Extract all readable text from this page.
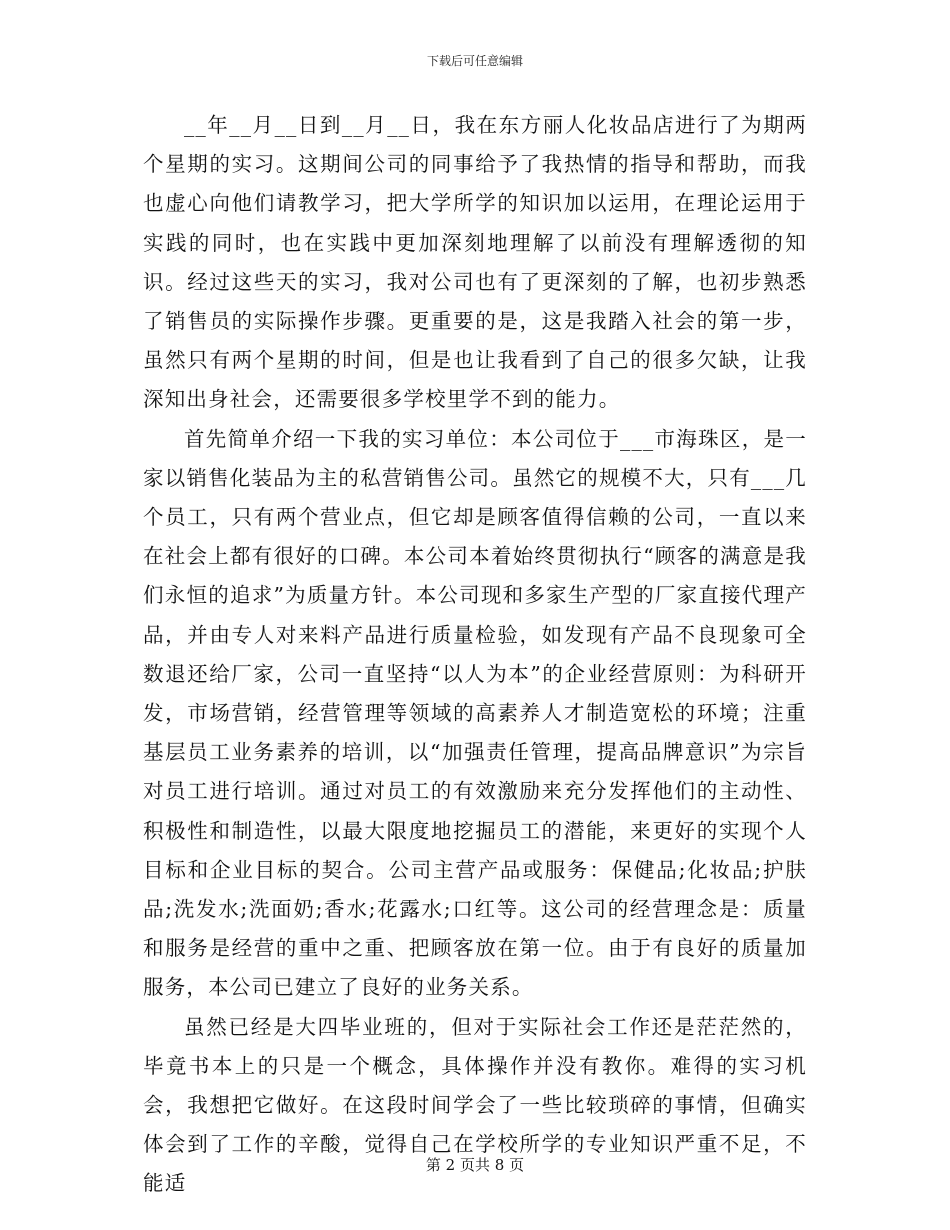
下载后可任意编辑

__年__月__日到__月__日，我在东方丽人化妆品店进行了为期两个星期的实习。这期间公司的同事给予了我热情的指导和帮助，而我也虚心向他们请教学习，把大学所学的知识加以运用，在理论运用于实践的同时，也在实践中更加深刻地理解了以前没有理解透彻的知识。经过这些天的实习，我对公司也有了更深刻的了解，也初步熟悉了销售员的实际操作步骤。更重要的是，这是我踏入社会的第一步，虽然只有两个星期的时间，但是也让我看到了自己的很多欠缺，让我深知出身社会，还需要很多学校里学不到的能力。

首先简单介绍一下我的实习单位：本公司位于___市海珠区，是一家以销售化装品为主的私营销售公司。虽然它的规模不大，只有___几个员工，只有两个营业点，但它却是顾客值得信赖的公司，一直以来在社会上都有很好的口碑。本公司本着始终贯彻执行“顾客的满意是我们永恒的追求”为质量方针。本公司现和多家生产型的厂家直接代理产品，并由专人对来料产品进行质量检验，如发现有产品不良现象可全数退还给厂家，公司一直坚持“以人为本”的企业经营原则：为科研开发，市场营销，经营管理等领域的高素养人才制造宽松的环境；注重基层员工业务素养的培训，以“加强责任管理，提高品牌意识”为宗旨对员工进行培训。通过对员工的有效激励来充分发挥他们的主动性、积极性和制造性，以最大限度地挖掘员工的潜能，来更好的实现个人目标和企业目标的契合。公司主营产品或服务：保健品;化妆品;护肤品;洗发水;洗面奶;香水;花露水;口红等。这公司的经营理念是：质量和服务是经营的重中之重、把顾客放在第一位。由于有良好的质量加服务，本公司已建立了良好的业务关系。

虽然已经是大四毕业班的，但对于实际社会工作还是茫茫然的，毕竟书本上的只是一个概念，具体操作并没有教你。难得的实习机会，我想把它做好。在这段时间学会了一些比较琐碎的事情，但确实体会到了工作的辛酸，觉得自己在学校所学的专业知识严重不足，不能适

第 2 页共 8 页
